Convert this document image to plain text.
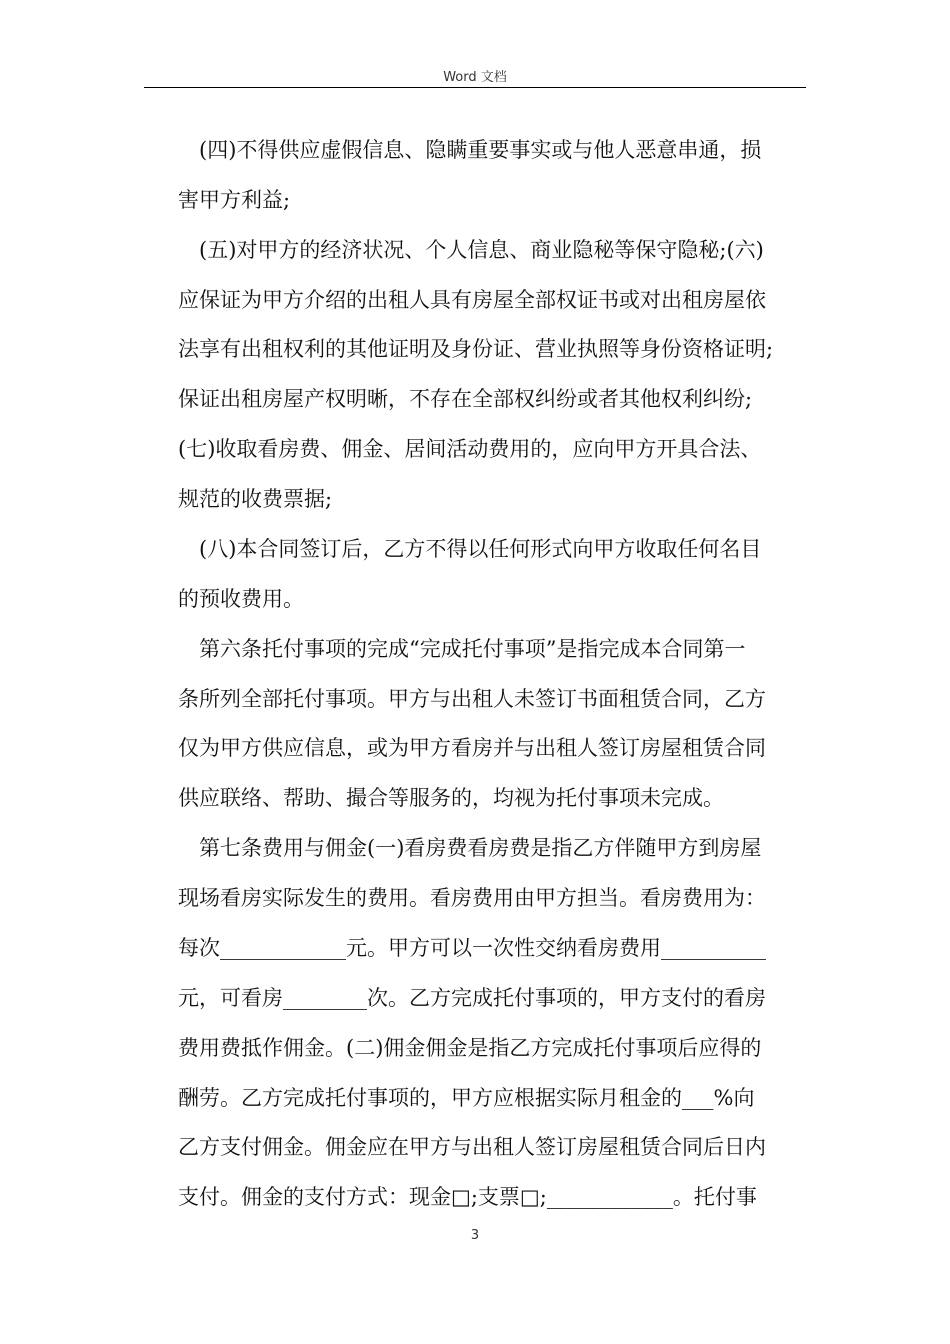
Word 文档
(四)不得供应虚假信息、隐瞒重要事实或与他人恶意串通，损
害甲方利益;
(五)对甲方的经济状况、个人信息、商业隐秘等保守隐秘;(六)
应保证为甲方介绍的出租人具有房屋全部权证书或对出租房屋依
法享有出租权利的其他证明及身份证、营业执照等身份资格证明;
保证出租房屋产权明晰，不存在全部权纠纷或者其他权利纠纷;
(七)收取看房费、佣金、居间活动费用的，应向甲方开具合法、
规范的收费票据;
(八)本合同签订后，乙方不得以任何形式向甲方收取任何名目
的预收费用。
第六条托付事项的完成“完成托付事项”是指完成本合同第一
条所列全部托付事项。甲方与出租人未签订书面租赁合同，乙方
仅为甲方供应信息，或为甲方看房并与出租人签订房屋租赁合同
供应联络、帮助、撮合等服务的，均视为托付事项未完成。
第七条费用与佣金(一)看房费看房费是指乙方伴随甲方到房屋
现场看房实际发生的费用。看房费用由甲方担当。看房费用为：
每次____________元。甲方可以一次性交纳看房费用__________
元，可看房________次。乙方完成托付事项的，甲方支付的看房
费用费抵作佣金。(二)佣金佣金是指乙方完成托付事项后应得的
酬劳。乙方完成托付事项的，甲方应根据实际月租金的___%向
乙方支付佣金。佣金应在甲方与出租人签订房屋租赁合同后日内
支付。佣金的支付方式：现金□;支票□;____________。托付事
3
